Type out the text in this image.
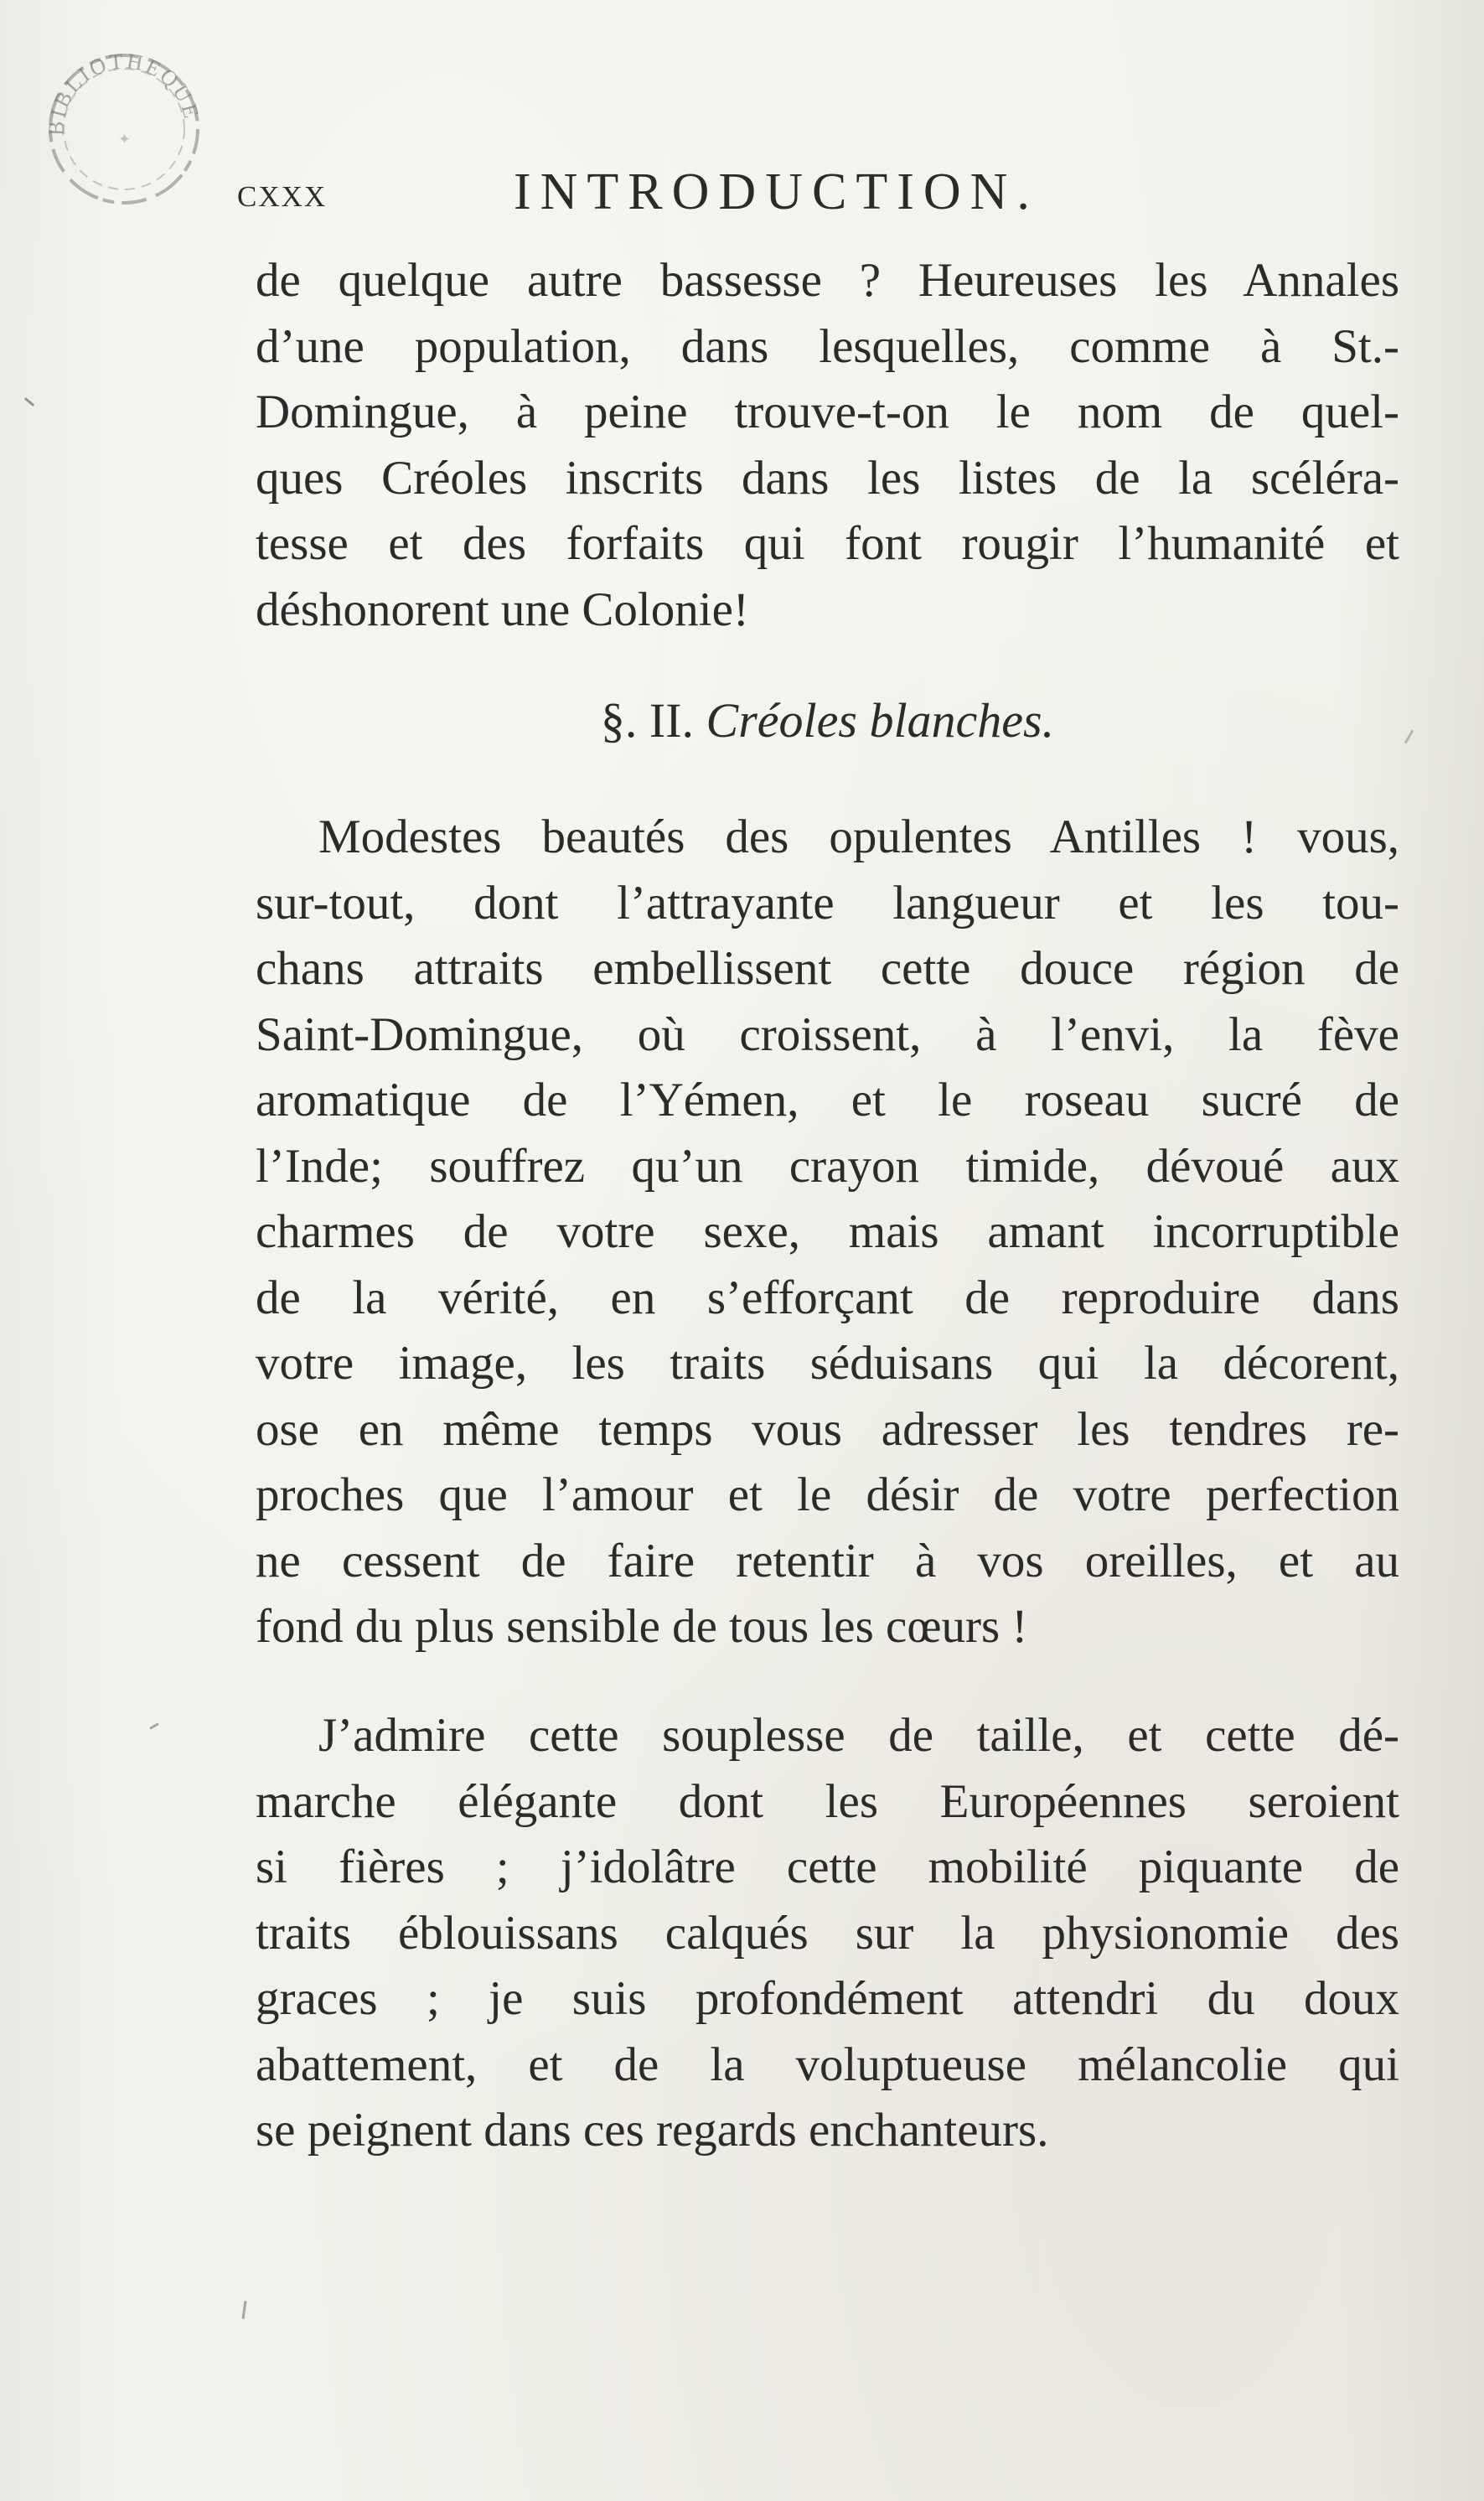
BIBLIOTHEQUE
✦
cxxx	INTRODUCTION.
de quelque autre bassesse ? Heureuses les Annales
d’une population, dans lesquelles, comme à St.-
Domingue, à peine trouve-t-on le nom de quel-
ques Créoles inscrits dans les listes de la scéléra-
tesse et des forfaits qui font rougir l’humanité et
déshonorent une Colonie!
§. II. Créoles blanches.
Modestes beautés des opulentes Antilles ! vous,
sur-tout, dont l’attrayante langueur et les tou-
chans attraits embellissent cette douce région de
Saint-Domingue, où croissent, à l’envi, la fève
aromatique de l’Yémen, et le roseau sucré de
l’Inde; souffrez qu’un crayon timide, dévoué aux
charmes de votre sexe, mais amant incorruptible
de la vérité, en s’efforçant de reproduire dans
votre image, les traits séduisans qui la décorent,
ose en même temps vous adresser les tendres re-
proches que l’amour et le désir de votre perfection
ne cessent de faire retentir à vos oreilles, et au
fond du plus sensible de tous les cœurs !
J’admire cette souplesse de taille, et cette dé-
marche élégante dont les Européennes seroient
si fières ; j’idolâtre cette mobilité piquante de
traits éblouissans calqués sur la physionomie des
graces ; je suis profondément attendri du doux
abattement, et de la voluptueuse mélancolie qui
se peignent dans ces regards enchanteurs.
